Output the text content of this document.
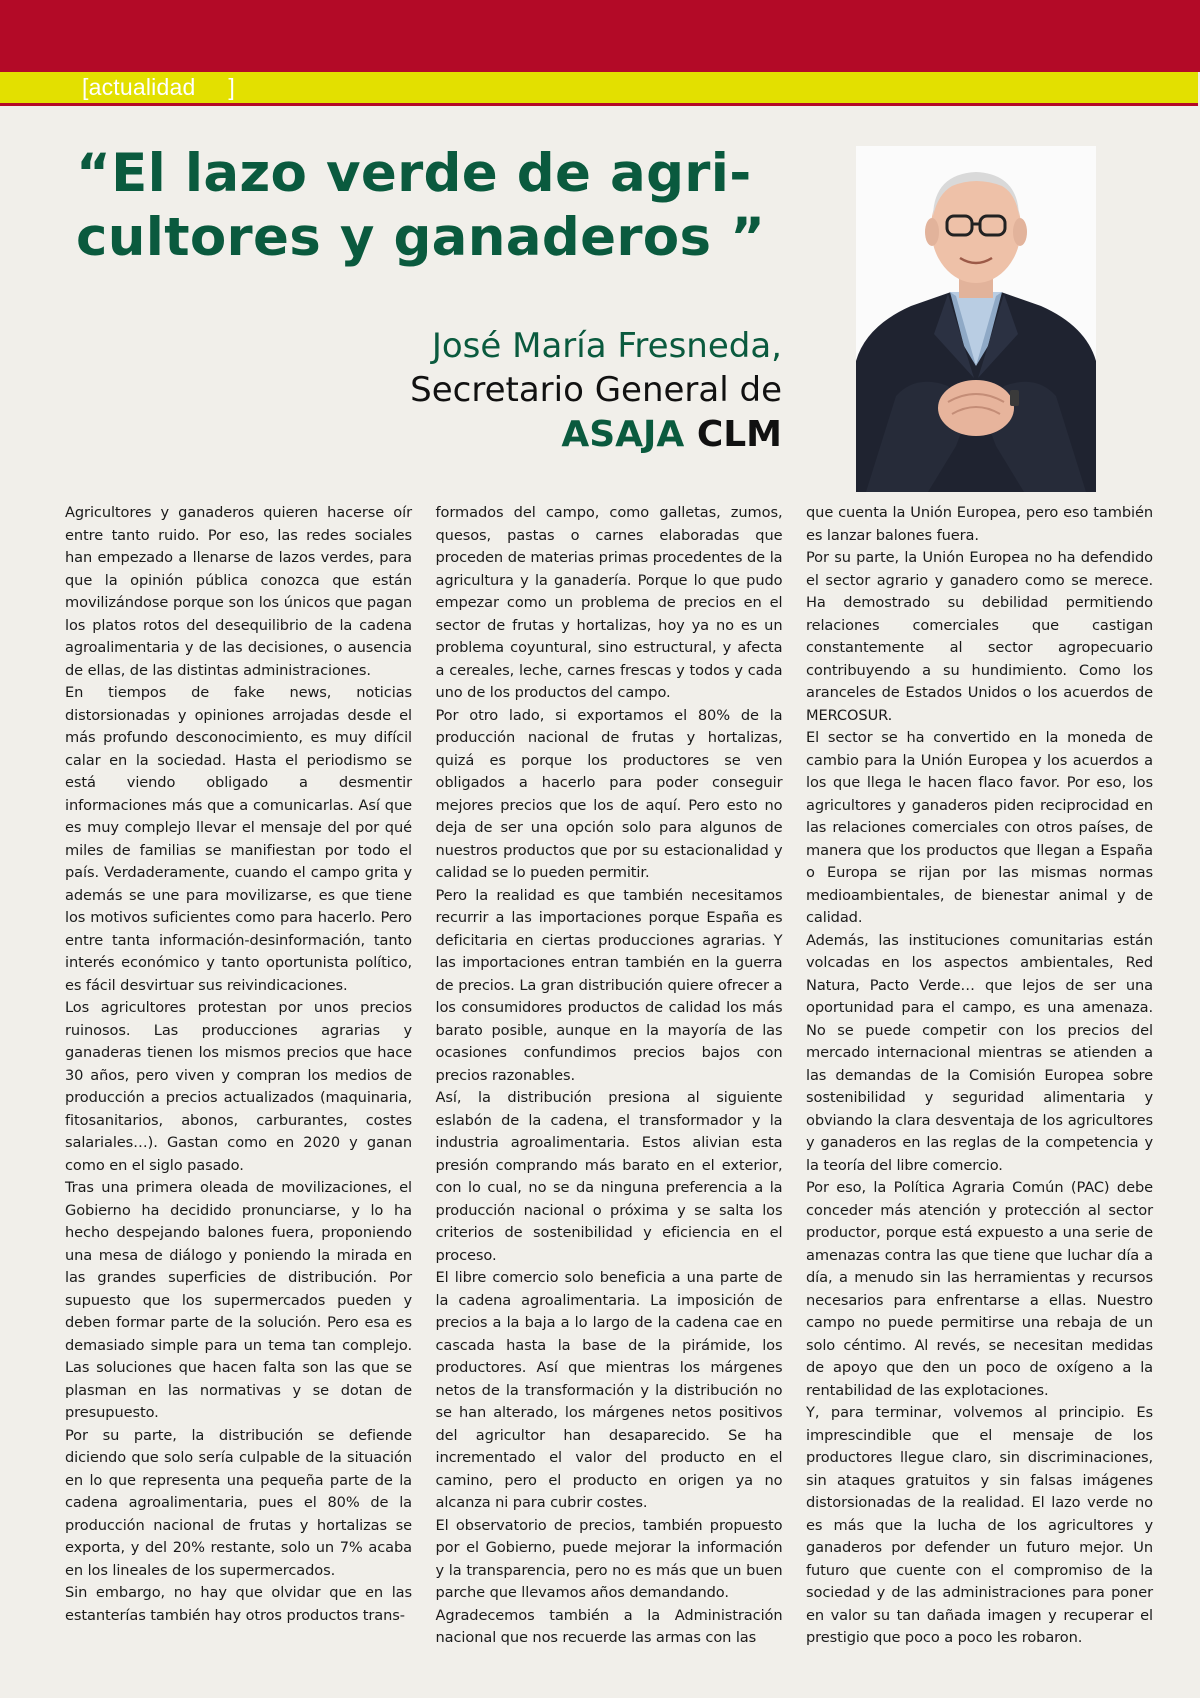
[actualidad     ]
“El lazo verde de agri-
cultores y ganaderos ”
José María Fresneda,
Secretario General de
ASAJA CLM

Agricultores y ganaderos quieren hacerse oír entre tanto ruido. Por eso, las redes sociales han empezado a llenarse de lazos verdes, para que la opinión pública conozca que están movilizándose porque son los únicos que pagan los platos rotos del desequilibrio de la cadena agroalimentaria y de las decisiones, o ausencia de ellas, de las distintas administraciones.

En tiempos de fake news, noticias distorsionadas y opiniones arrojadas desde el más profundo desconocimiento, es muy difícil calar en la sociedad. Hasta el periodismo se está viendo obligado a desmentir informaciones más que a comunicarlas. Así que es muy complejo llevar el mensaje del por qué miles de familias se manifiestan por todo el país. Verdaderamente, cuando el campo grita y además se une para movilizarse, es que tiene los motivos suficientes como para hacerlo. Pero entre tanta información-desinformación, tanto interés económico y tanto oportunista político, es fácil desvirtuar sus reivindicaciones.

Los agricultores protestan por unos precios ruinosos. Las producciones agrarias y ganaderas tienen los mismos precios que hace 30 años, pero viven y compran los medios de producción a precios actualizados (maquinaria, fitosanitarios, abonos, carburantes, costes salariales…). Gastan como en 2020 y ganan como en el siglo pasado.

Tras una primera oleada de movilizaciones, el Gobierno ha decidido pronunciarse, y lo ha hecho despejando balones fuera, proponiendo una mesa de diálogo y poniendo la mirada en las grandes superficies de distribución. Por supuesto que los supermercados pueden y deben formar parte de la solución. Pero esa es demasiado simple para un tema tan complejo. Las soluciones que hacen falta son las que se plasman en las normativas y se dotan de presupuesto.

Por su parte, la distribución se defiende diciendo que solo sería culpable de la situación en lo que representa una pequeña parte de la cadena agroalimentaria, pues el 80% de la producción nacional de frutas y hortalizas se exporta, y del 20% restante, solo un 7% acaba en los lineales de los supermercados.

Sin embargo, no hay que olvidar que en las estanterías también hay otros productos trans-

formados del campo, como galletas, zumos, quesos, pastas o carnes elaboradas que proceden de materias primas procedentes de la agricultura y la ganadería. Porque lo que pudo empezar como un problema de precios en el sector de frutas y hortalizas, hoy ya no es un problema coyuntural, sino estructural, y afecta a cereales, leche, carnes frescas y todos y cada uno de los productos del campo.

Por otro lado, si exportamos el 80% de la producción nacional de frutas y hortalizas, quizá es porque los productores se ven obligados a hacerlo para poder conseguir mejores precios que los de aquí. Pero esto no deja de ser una opción solo para algunos de nuestros productos que por su estacionalidad y calidad se lo pueden permitir.

Pero la realidad es que también necesitamos recurrir a las importaciones porque España es deficitaria en ciertas producciones agrarias. Y las importaciones entran también en la guerra de precios. La gran distribución quiere ofrecer a los consumidores productos de calidad los más barato posible, aunque en la mayoría de las ocasiones confundimos precios bajos con precios razonables.

Así, la distribución presiona al siguiente eslabón de la cadena, el transformador y la industria agroalimentaria. Estos alivian esta presión comprando más barato en el exterior, con lo cual, no se da ninguna preferencia a la producción nacional o próxima y se salta los criterios de sostenibilidad y eficiencia en el proceso.

El libre comercio solo beneficia a una parte de la cadena agroalimentaria. La imposición de precios a la baja a lo largo de la cadena cae en cascada hasta la base de la pirámide, los productores. Así que mientras los márgenes netos de la transformación y la distribución no se han alterado, los márgenes netos positivos del agricultor han desaparecido. Se ha incrementado el valor del producto en el camino, pero el producto en origen ya no alcanza ni para cubrir costes.

El observatorio de precios, también propuesto por el Gobierno, puede mejorar la información y la transparencia, pero no es más que un buen parche que llevamos años demandando.

Agradecemos también a la Administración nacional que nos recuerde las armas con las

que cuenta la Unión Europea, pero eso también es lanzar balones fuera.

Por su parte, la Unión Europea no ha defendido el sector agrario y ganadero como se merece. Ha demostrado su debilidad permitiendo relaciones comerciales que castigan constantemente al sector agropecuario contribuyendo a su hundimiento. Como los aranceles de Estados Unidos o los acuerdos de MERCOSUR.

El sector se ha convertido en la moneda de cambio para la Unión Europea y los acuerdos a los que llega le hacen flaco favor. Por eso, los agricultores y ganaderos piden reciprocidad en las relaciones comerciales con otros países, de manera que los productos que llegan a España o Europa se rijan por las mismas normas medioambientales, de bienestar animal y de calidad.

Además, las instituciones comunitarias están volcadas en los aspectos ambientales, Red Natura, Pacto Verde… que lejos de ser una oportunidad para el campo, es una amenaza. No se puede competir con los precios del mercado internacional mientras se atienden a las demandas de la Comisión Europea sobre sostenibilidad y seguridad alimentaria y obviando la clara desventaja de los agricultores y ganaderos en las reglas de la competencia y la teoría del libre comercio.

Por eso, la Política Agraria Común (PAC) debe conceder más atención y protección al sector productor, porque está expuesto a una serie de amenazas contra las que tiene que luchar día a día, a menudo sin las herramientas y recursos necesarios para enfrentarse a ellas. Nuestro campo no puede permitirse una rebaja de un solo céntimo. Al revés, se necesitan medidas de apoyo que den un poco de oxígeno a la rentabilidad de las explotaciones.

Y, para terminar, volvemos al principio. Es imprescindible que el mensaje de los productores llegue claro, sin discriminaciones, sin ataques gratuitos y sin falsas imágenes distorsionadas de la realidad. El lazo verde no es más que la lucha de los agricultores y ganaderos por defender un futuro mejor. Un futuro que cuente con el compromiso de la sociedad y de las administraciones para poner en valor su tan dañada imagen y recuperar el prestigio que poco a poco les robaron.
